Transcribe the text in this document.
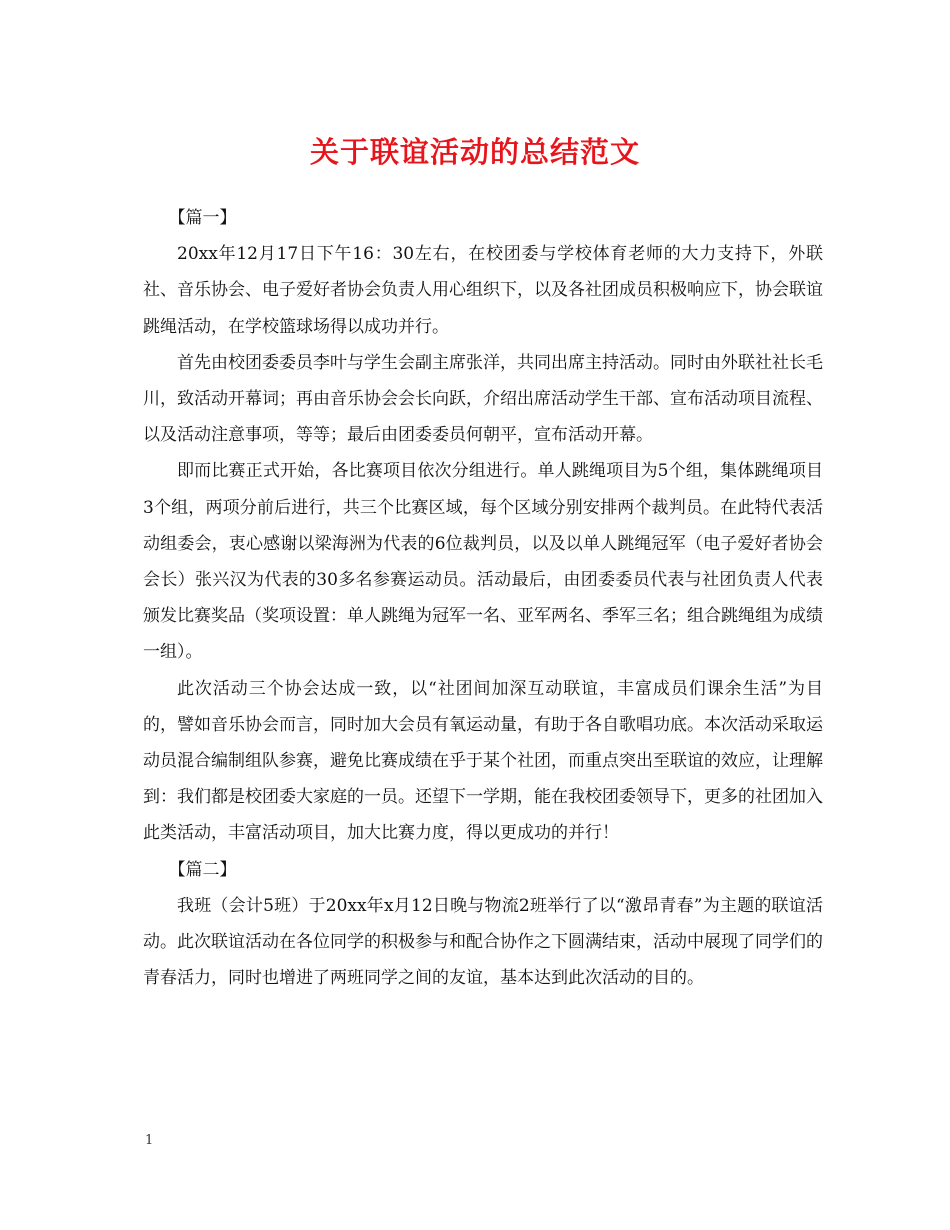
关于联谊活动的总结范文

【篇一】

20xx年12月17日下午16：30左右，在校团委与学校体育老师的大力支持下，外联社、音乐协会、电子爱好者协会负责人用心组织下，以及各社团成员积极响应下，协会联谊跳绳活动，在学校篮球场得以成功并行。

首先由校团委委员李叶与学生会副主席张洋，共同出席主持活动。同时由外联社社长毛川，致活动开幕词；再由音乐协会会长向跃，介绍出席活动学生干部、宣布活动项目流程、以及活动注意事项，等等；最后由团委委员何朝平，宣布活动开幕。

即而比赛正式开始，各比赛项目依次分组进行。单人跳绳项目为5个组，集体跳绳项目3个组，两项分前后进行，共三个比赛区域，每个区域分别安排两个裁判员。在此特代表活动组委会，衷心感谢以梁海洲为代表的6位裁判员，以及以单人跳绳冠军（电子爱好者协会会长）张兴汉为代表的30多名参赛运动员。活动最后，由团委委员代表与社团负责人代表颁发比赛奖品（奖项设置：单人跳绳为冠军一名、亚军两名、季军三名；组合跳绳组为成绩一组）。

此次活动三个协会达成一致，以“社团间加深互动联谊，丰富成员们课余生活”为目的，譬如音乐协会而言，同时加大会员有氧运动量，有助于各自歌唱功底。本次活动采取运动员混合编制组队参赛，避免比赛成绩在乎于某个社团，而重点突出至联谊的效应，让理解到：我们都是校团委大家庭的一员。还望下一学期，能在我校团委领导下，更多的社团加入此类活动，丰富活动项目，加大比赛力度，得以更成功的并行！

【篇二】

我班（会计5班）于20xx年x月12日晚与物流2班举行了以“激昂青春”为主题的联谊活动。此次联谊活动在各位同学的积极参与和配合协作之下圆满结束，活动中展现了同学们的青春活力，同时也增进了两班同学之间的友谊，基本达到此次活动的目的。

1
